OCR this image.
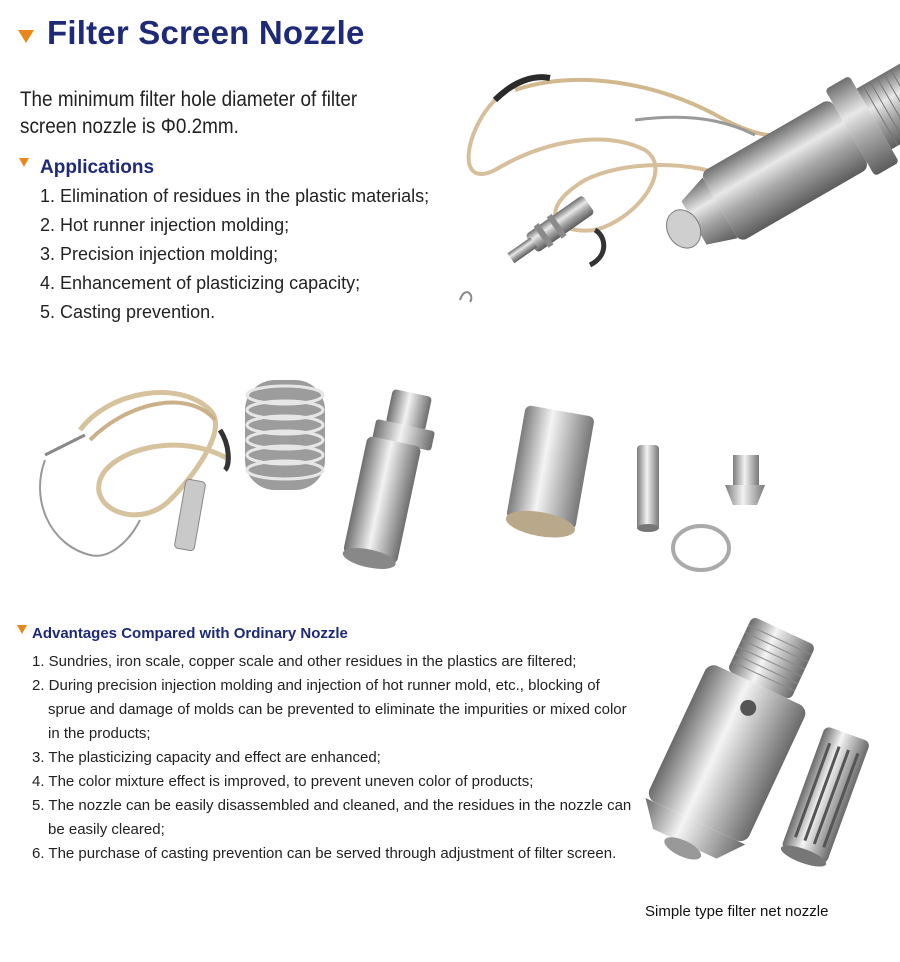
Filter Screen Nozzle
The minimum filter hole diameter of filter screen nozzle is Φ0.2mm.
Applications
1. Elimination of residues in the plastic materials;
2. Hot runner injection molding;
3. Precision injection molding;
4. Enhancement of plasticizing capacity;
5. Casting prevention.
Advantages Compared with Ordinary Nozzle
1. Sundries, iron scale, copper scale and other residues in the plastics are filtered;
2. During precision injection molding and injection of hot runner mold, etc., blocking of sprue and damage of molds can be prevented to eliminate the impurities or mixed color in the products;
3. The plasticizing capacity and effect are enhanced;
4. The color mixture effect is improved, to prevent uneven color of products;
5. The nozzle can be easily disassembled and cleaned, and the residues in the nozzle can be easily cleared;
6. The purchase of casting prevention can be served through adjustment of filter screen.
Simple type filter net nozzle
